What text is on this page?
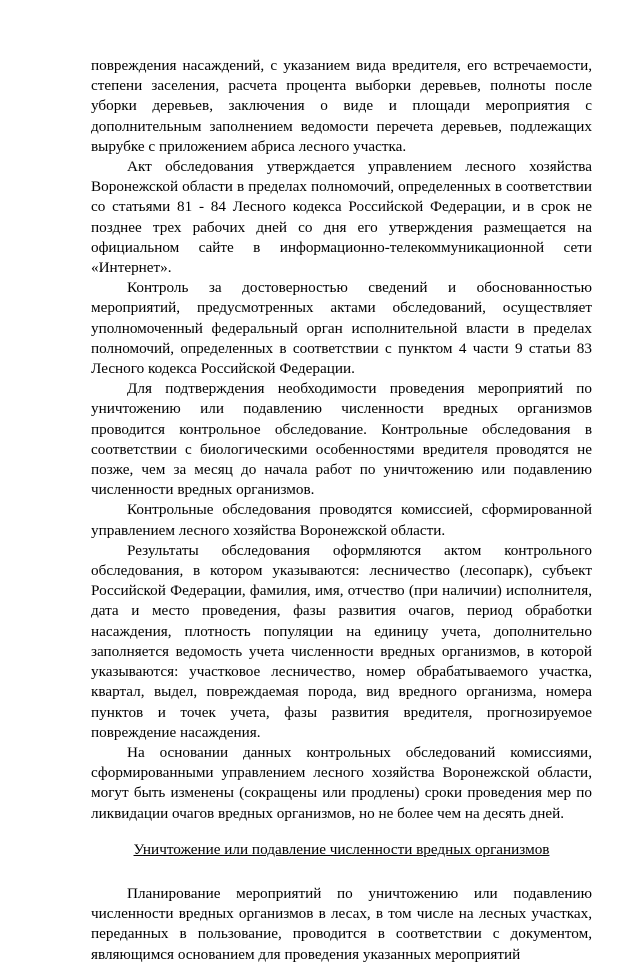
повреждения насаждений, с указанием вида вредителя, его встречаемости, степени заселения, расчета процента выборки деревьев, полноты после уборки деревьев, заключения о виде и площади мероприятия с дополнительным заполнением ведомости перечета деревьев, подлежащих вырубке с приложением абриса лесного участка.

Акт обследования утверждается управлением лесного хозяйства Воронежской области в пределах полномочий, определенных в соответствии со статьями 81 - 84 Лесного кодекса Российской Федерации, и в срок не позднее трех рабочих дней со дня его утверждения размещается на официальном сайте в информационно-телекоммуникационной сети «Интернет».

Контроль за достоверностью сведений и обоснованностью мероприятий, предусмотренных актами обследований, осуществляет уполномоченный федеральный орган исполнительной власти в пределах полномочий, определенных в соответствии с пунктом 4 части 9 статьи 83 Лесного кодекса Российской Федерации.

Для подтверждения необходимости проведения мероприятий по уничтожению или подавлению численности вредных организмов проводится контрольное обследование. Контрольные обследования в соответствии с биологическими особенностями вредителя проводятся не позже, чем за месяц до начала работ по уничтожению или подавлению численности вредных организмов.

Контрольные обследования проводятся комиссией, сформированной управлением лесного хозяйства Воронежской области.

Результаты обследования оформляются актом контрольного обследования, в котором указываются: лесничество (лесопарк), субъект Российской Федерации, фамилия, имя, отчество (при наличии) исполнителя, дата и место проведения, фазы развития очагов, период обработки насаждения, плотность популяции на единицу учета, дополнительно заполняется ведомость учета численности вредных организмов, в которой указываются: участковое лесничество, номер обрабатываемого участка, квартал, выдел, повреждаемая порода, вид вредного организма, номера пунктов и точек учета, фазы развития вредителя, прогнозируемое повреждение насаждения.

На основании данных контрольных обследований комиссиями, сформированными управлением лесного хозяйства Воронежской области, могут быть изменены (сокращены или продлены) сроки проведения мер по ликвидации очагов вредных организмов, но не более чем на десять дней.

Уничтожение или подавление численности вредных организмов

Планирование мероприятий по уничтожению или подавлению численности вредных организмов в лесах, в том числе на лесных участках, переданных в пользование, проводится в соответствии с документом, являющимся основанием для проведения указанных мероприятий
